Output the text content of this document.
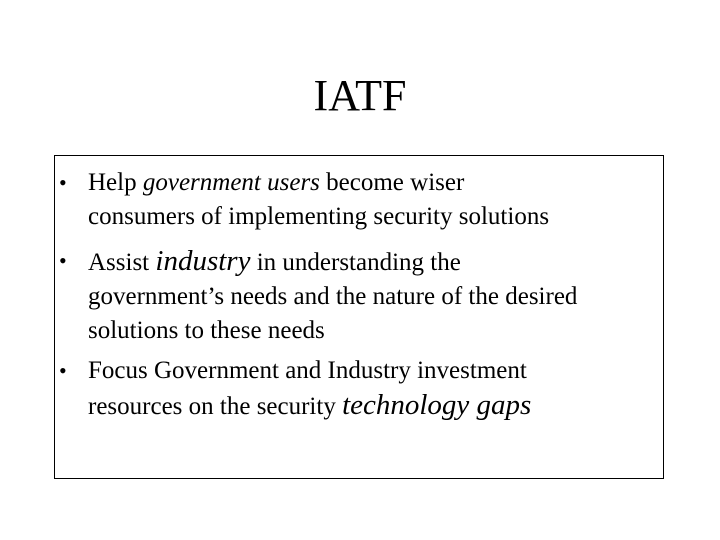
IATF
• Help government users become wiser
consumers of implementing security solutions
• Assist industry in understanding the
government’s needs and the nature of the desired
solutions to these needs
• Focus Government and Industry investment
resources on the security technology gaps
